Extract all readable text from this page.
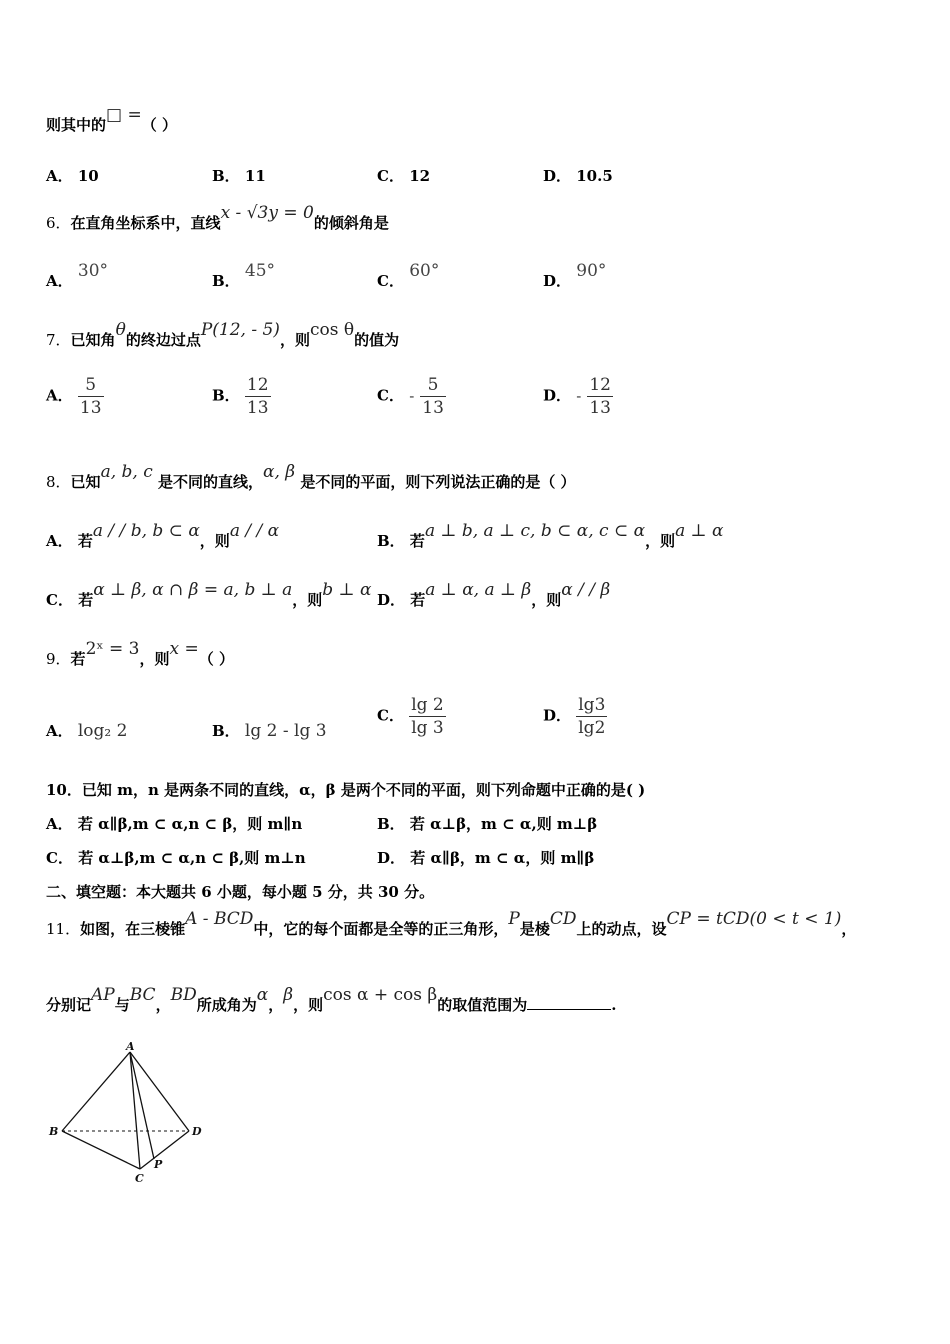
则其中的□ =（ ）
A． 10	B． 11	C． 12	D． 10.5
6．在直角坐标系中，直线x - √3y = 0的倾斜角是
A． 30°	B． 45°	C． 60°	D． 90°
7．已知角θ的终边过点P(12, - 5)，则cos θ的值为
A． $\frac{5}{13}$	B． $\frac{12}{13}$	C． - $\frac{5}{13}$	D． - $\frac{12}{13}$
8．已知a, b, c 是不同的直线，α, β 是不同的平面，则下列说法正确的是（ ）
A． 若a / / b, b ⊂ α，则a / / α	B． 若a ⊥ b, a ⊥ c, b ⊂ α, c ⊂ α，则a ⊥ α
C． 若α ⊥ β, α ∩ β = a, b ⊥ a，则b ⊥ α D． 若a ⊥ α, a ⊥ β，则α / / β
9．若2ˣ = 3，则x =（ ）
A． log₂ 2	B． lg 2 - lg 3
C． $\frac{\lg 2}{\lg 3}$	D． $\frac{\lg 3}{\lg 2}$
10．已知 m，n 是两条不同的直线，α，β 是两个不同的平面，则下列命题中正确的是( )
A． 若 α∥β,m ⊂ α,n ⊂ β，则 m∥n	B． 若 α⊥β，m ⊂ α,则 m⊥β
C． 若 α⊥β,m ⊂ α,n ⊂ β,则 m⊥n	D． 若 α∥β，m ⊂ α，则 m∥β
二、填空题：本大题共 6 小题，每小题 5 分，共 30 分。
11．如图，在三棱锥A - BCD中，它的每个面都是全等的正三角形，P是棱CD上的动点，设CP = tCD(0 < t < 1)，
分别记AP与BC，BD所成角为α，β，则cos α + cos β的取值范围为	.
A
B	D
C
P
